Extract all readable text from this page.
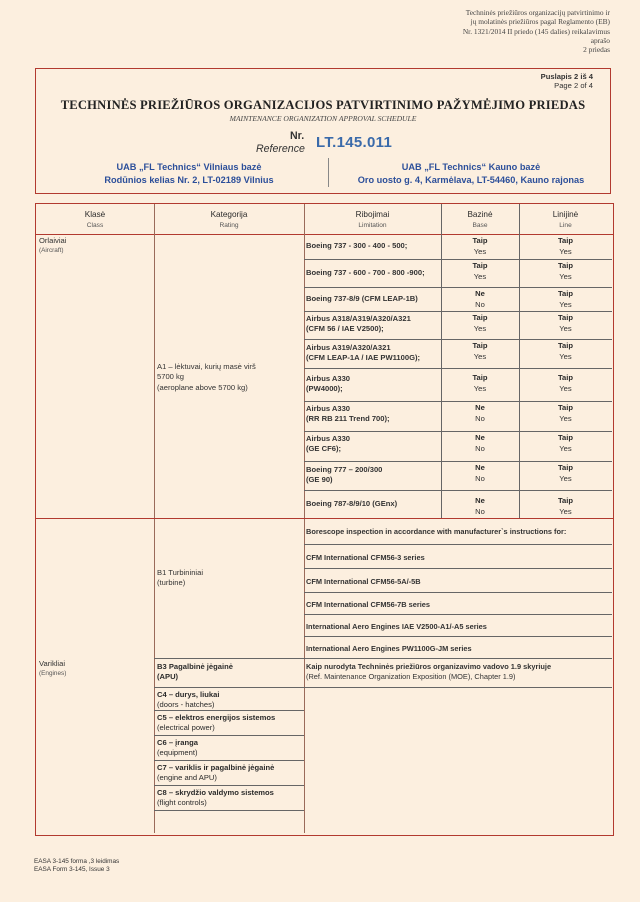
Techninės priežiūros organizacijų patvirtinimo ir
jų molatinės priežiūros pagal Reglamento (EB)
Nr. 1321/2014 II priedo (145 dalies) reikalavimus
aprašo
2 priedas
Puslapis 2 iš 4
Page 2 of 4
TECHNINĖS PRIEŽIŪROS ORGANIZACIJOS PATVIRTINIMO PAŽYMĖJIMO PRIEDAS
MAINTENANCE ORGANIZATION APPROVAL SCHEDULE
Nr.
Reference LT.145.011
UAB „FL Technics“ Vilniaus bazė
Rodūnios kelias Nr. 2, LT-02189 Vilnius
UAB „FL Technics“ Kauno bazė
Oro uosto g. 4, Karmėlava, LT-54460, Kauno rajonas
Klasė
Class
Kategorija
Rating
Ribojimai
Limitation
Bazinė
Base
Linijinė
Line
Orlaiviai
(Aircraft)
A1 – lėktuvai, kurių masė virš
5700 kg
(aeroplane above 5700 kg)
Boeing 737 - 300 - 400 - 500;
Taip
Yes
Taip
Yes
Boeing 737 - 600 - 700 - 800 -900;
Taip
Yes
Taip
Yes
Boeing 737-8/9 (CFM LEAP-1B)
Ne
No
Taip
Yes
Airbus A318/A319/A320/A321
(CFM 56 / IAE V2500);
Taip
Yes
Taip
Yes
Airbus A319/A320/A321
(CFM LEAP-1A / IAE PW1100G);
Taip
Yes
Taip
Yes
Airbus A330
(PW4000);
Taip
Yes
Taip
Yes
Airbus A330
(RR RB 211 Trend 700);
Ne
No
Taip
Yes
Airbus A330
(GE CF6);
Ne
No
Taip
Yes
Boeing 777 – 200/300
(GE 90)
Ne
No
Taip
Yes
Boeing 787-8/9/10 (GEnx)	Ne
No
Taip
Yes
Varikliai
(Engines)
B1 Turbininiai
(turbine)
Borescope inspection in accordance with manufacturer`s instructions for:
CFM International CFM56-3 series
CFM International CFM56-5A/-5B
CFM International CFM56-7B series
International Aero Engines IAE V2500-A1/-A5 series
International Aero Engines PW1100G-JM series
B3 Pagalbinė jėgainė
(APU)
Kaip nurodyta Techninės priežiūros organizavimo vadovo 1.9 skyriuje
(Ref. Maintenance Organization Exposition (MOE), Chapter 1.9)
C4 – durys, liukai
(doors - hatches)
C5 – elektros energijos sistemos
(electrical power)
C6 – įranga
(equipment)
C7 – variklis ir pagalbinė jėgainė
(engine and APU)
C8 – skrydžio valdymo sistemos
(flight controls)
EASA 3-145 forma ,3 leidimas
EASA Form 3-145, Issue 3
